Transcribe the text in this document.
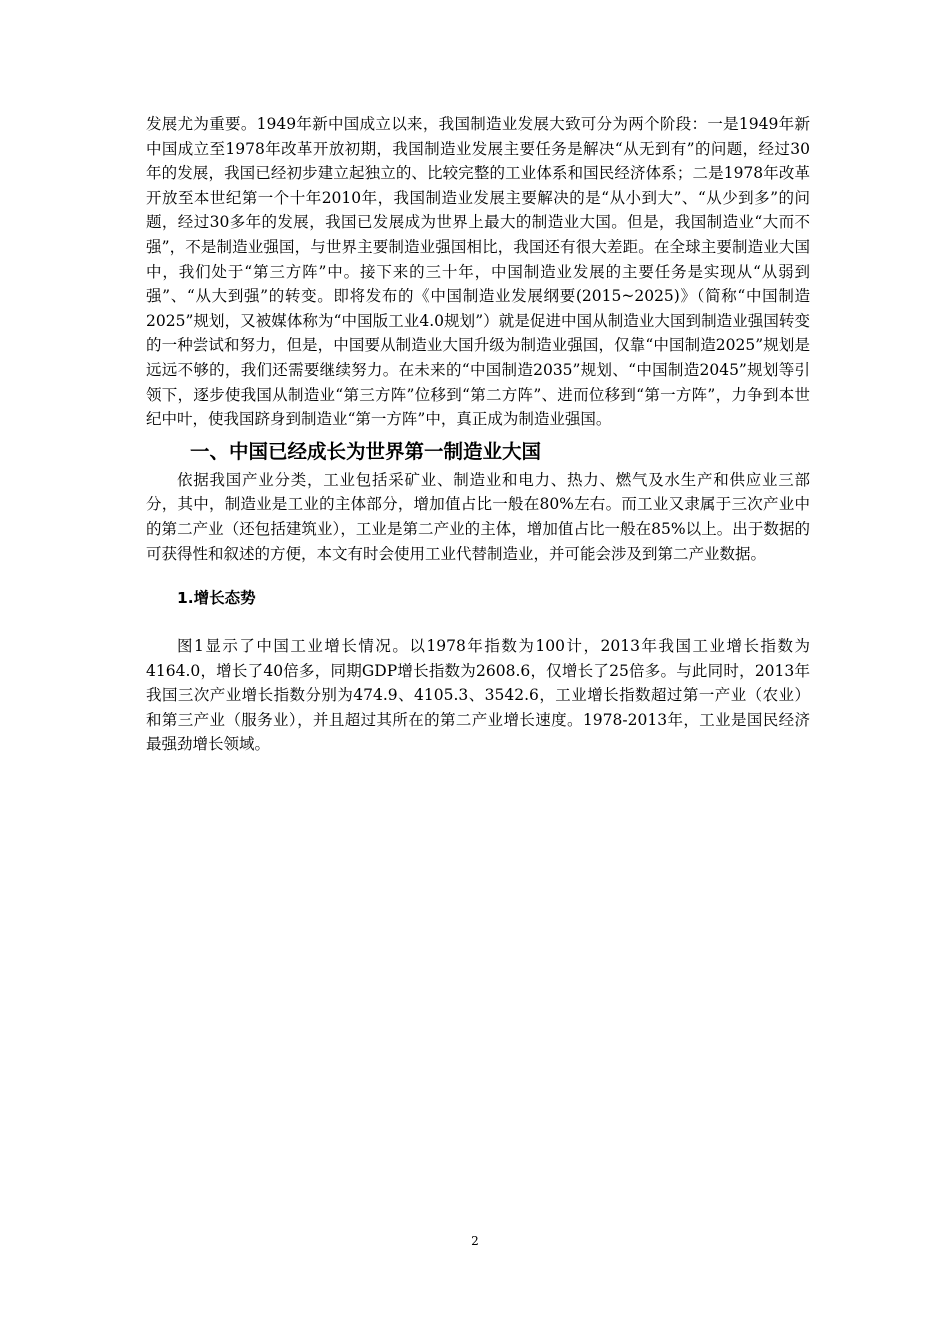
发展尤为重要。1949年新中国成立以来，我国制造业发展大致可分为两个阶段：一是1949年新中国成立至1978年改革开放初期，我国制造业发展主要任务是解决“从无到有”的问题，经过30年的发展，我国已经初步建立起独立的、比较完整的工业体系和国民经济体系；二是1978年改革开放至本世纪第一个十年2010年，我国制造业发展主要解决的是“从小到大”、“从少到多”的问题，经过30多年的发展，我国已发展成为世界上最大的制造业大国。但是，我国制造业“大而不强”，不是制造业强国，与世界主要制造业强国相比，我国还有很大差距。在全球主要制造业大国中，我们处于“第三方阵”中。接下来的三十年，中国制造业发展的主要任务是实现从“从弱到强”、“从大到强”的转变。即将发布的《中国制造业发展纲要(2015~2025)》（简称“中国制造2025”规划，又被媒体称为“中国版工业4.0规划”）就是促进中国从制造业大国到制造业强国转变的一种尝试和努力，但是，中国要从制造业大国升级为制造业强国，仅靠“中国制造2025”规划是远远不够的，我们还需要继续努力。在未来的“中国制造2035”规划、“中国制造2045”规划等引领下，逐步使我国从制造业“第三方阵”位移到“第二方阵”、进而位移到“第一方阵”，力争到本世纪中叶，使我国跻身到制造业“第一方阵”中，真正成为制造业强国。

一、中国已经成长为世界第一制造业大国

依据我国产业分类，工业包括采矿业、制造业和电力、热力、燃气及水生产和供应业三部分，其中，制造业是工业的主体部分，增加值占比一般在80%左右。而工业又隶属于三次产业中的第二产业（还包括建筑业），工业是第二产业的主体，增加值占比一般在85%以上。出于数据的可获得性和叙述的方便，本文有时会使用工业代替制造业，并可能会涉及到第二产业数据。

1.增长态势

图1显示了中国工业增长情况。以1978年指数为100计，2013年我国工业增长指数为4164.0，增长了40倍多，同期GDP增长指数为2608.6，仅增长了25倍多。与此同时，2013年我国三次产业增长指数分别为474.9、4105.3、3542.6，工业增长指数超过第一产业（农业）和第三产业（服务业），并且超过其所在的第二产业增长速度。1978-2013年，工业是国民经济最强劲增长领域。

2
